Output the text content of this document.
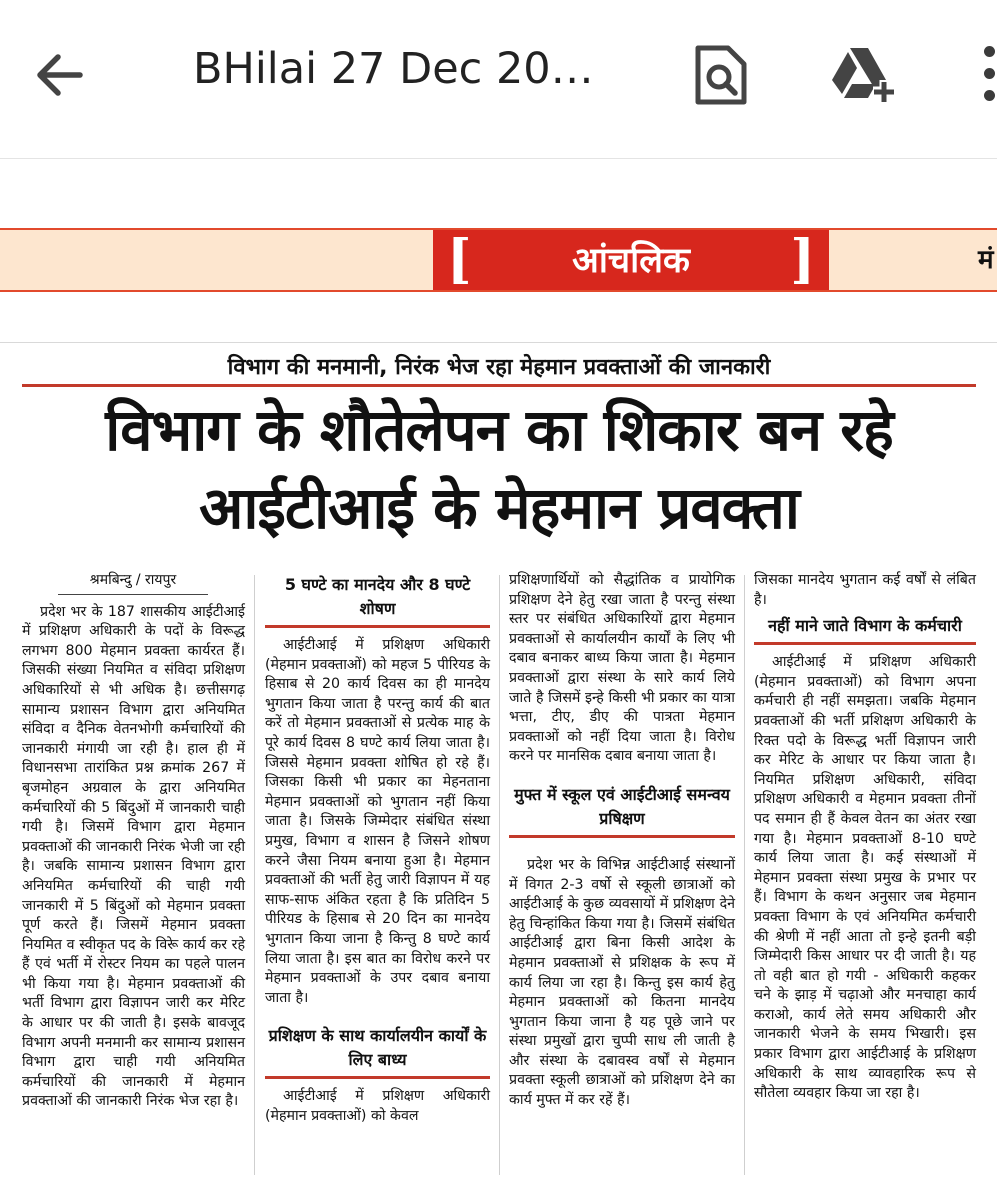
BHilai 27 Dec 20…
[	आंचलिक	]	मं
विभाग की मनमानी, निरंक भेज रहा मेहमान प्रवक्ताओं की जानकारी
विभाग के शौतेलेपन का शिकार बन रहे आईटीआई के मेहमान प्रवक्ता
श्रमबिन्दु / रायपुर

प्रदेश भर के 187 शासकीय आईटीआई में प्रशिक्षण अधिकारी के पदों के विरूद्ध लगभग 800 मेहमान प्रवक्ता कार्यरत हैं। जिसकी संख्या नियमित व संविदा प्रशिक्षण अधिकारियों से भी अधिक है। छत्तीसगढ़ सामान्य प्रशासन विभाग द्वारा अनियमित संविदा व दैनिक वेतनभोगी कर्मचारियों की जानकारी मंगायी जा रही है। हाल ही में विधानसभा तारांकित प्रश्न क्रमांक 267 में बृजमोहन अग्रवाल के द्वारा अनियमित कर्मचारियों की 5 बिंदुओं में जानकारी चाही गयी है। जिसमें विभाग द्वारा मेहमान प्रवक्ताओं की जानकारी निरंक भेजी जा रही है। जबकि सामान्य प्रशासन विभाग द्वारा अनियमित कर्मचारियों की चाही गयी जानकारी में 5 बिंदुओं को मेहमान प्रवक्ता पूर्ण करते हैं। जिसमें मेहमान प्रवक्ता नियमित व स्वीकृत पद के विरूे कार्य कर रहे हैं एवं भर्ती में रोस्टर नियम का पहले पालन भी किया गया है। मेहमान प्रवक्ताओं की भर्ती विभाग द्वारा विज्ञापन जारी कर मेरिट के आधार पर की जाती है। इसके बावजूद विभाग अपनी मनमानी कर सामान्य प्रशासन विभाग द्वारा चाही गयी अनियमित कर्मचारियों की जानकारी में मेहमान प्रवक्ताओं की जानकारी निरंक भेज रहा है।

5 घण्टे का मानदेय और 8 घण्टे शोषण

आईटीआई में प्रशिक्षण अधिकारी (मेहमान प्रवक्ताओं) को महज 5 पीरियड के हिसाब से 20 कार्य दिवस का ही मानदेय भुगतान किया जाता है परन्तु कार्य की बात करें तो मेहमान प्रवक्ताओं से प्रत्येक माह के पूरे कार्य दिवस 8 घण्टे कार्य लिया जाता है। जिससे मेहमान प्रवक्ता शोषित हो रहे हैं। जिसका किसी भी प्रकार का मेहनताना मेहमान प्रवक्ताओं को भुगतान नहीं किया जाता है। जिसके जिम्मेदार संबंधित संस्था प्रमुख, विभाग व शासन है जिसने शोषण करने जैसा नियम बनाया हुआ है। मेहमान प्रवक्ताओं की भर्ती हेतु जारी विज्ञापन में यह साफ-साफ अंकित रहता है कि प्रतिदिन 5 पीरियड के हिसाब से 20 दिन का मानदेय भुगतान किया जाना है किन्तु 8 घण्टे कार्य लिया जाता है। इस बात का विरोध करने पर मेहमान प्रवक्ताओं के उपर दबाव बनाया जाता है।

प्रशिक्षण के साथ कार्यालयीन कार्यों के लिए बाध्य

आईटीआई में प्रशिक्षण अधिकारी (मेहमान प्रवक्ताओं) को केवल

प्रशिक्षणार्थियों को सैद्धांतिक व प्रायोगिक प्रशिक्षण देने हेतु रखा जाता है परन्तु संस्था स्तर पर संबंधित अधिकारियों द्वारा मेहमान प्रवक्ताओं से कार्यालयीन कार्यों के लिए भी दबाव बनाकर बाध्य किया जाता है। मेहमान प्रवक्ताओं द्वारा संस्था के सारे कार्य लिये जाते है जिसमें इन्हे किसी भी प्रकार का यात्रा भत्ता, टीए, डीए की पात्रता मेहमान प्रवक्ताओं को नहीं दिया जाता है। विरोध करने पर मानसिक दबाव बनाया जाता है।

मुफ्त में स्कूल एवं आईटीआई समन्वय प्रषिक्षण

प्रदेश भर के विभिन्न आईटीआई संस्थानों में विगत 2-3 वर्षो से स्कूली छात्राओं को आईटीआई के कुछ व्यवसायों में प्रशिक्षण देने हेतु चिन्हांकित किया गया है। जिसमें संबंधित आईटीआई द्वारा बिना किसी आदेश के मेहमान प्रवक्ताओं से प्रशिक्षक के रूप में कार्य लिया जा रहा है। किन्तु इस कार्य हेतु मेहमान प्रवक्ताओं को कितना मानदेय भुगतान किया जाना है यह पूछे जाने पर संस्था प्रमुखों द्वारा चुप्पी साध ली जाती है और संस्था के दबावस्व वर्षों से मेहमान प्रवक्ता स्कूली छात्राओं को प्रशिक्षण देने का कार्य मुफ्त में कर रहें हैं।

जिसका मानदेय भुगतान कई वर्षों से लंबित है।

नहीं माने जाते विभाग के कर्मचारी

आईटीआई में प्रशिक्षण अधिकारी (मेहमान प्रवक्ताओं) को विभाग अपना कर्मचारी ही नहीं समझता। जबकि मेहमान प्रवक्ताओं की भर्ती प्रशिक्षण अधिकारी के रिक्त पदो के विरूद्ध भर्ती विज्ञापन जारी कर मेरिट के आधार पर किया जाता है। नियमित प्रशिक्षण अधिकारी, संविदा प्रशिक्षण अधिकारी व मेहमान प्रवक्ता तीनों पद समान ही हैं केवल वेतन का अंतर रखा गया है। मेहमान प्रवक्ताओं 8-10 घण्टे कार्य लिया जाता है। कई संस्थाओं में मेहमान प्रवक्ता संस्था प्रमुख के प्रभार पर हैं। विभाग के कथन अनुसार जब मेहमान प्रवक्ता विभाग के एवं अनियमित कर्मचारी की श्रेणी में नहीं आता तो इन्हे इतनी बड़ी जिम्मेदारी किस आधार पर दी जाती है। यह तो वही बात हो गयी - अधिकारी कहकर चने के झाड़ में चढ़ाओ और मनचाहा कार्य कराओ, कार्य लेते समय अधिकारी और जानकारी भेजने के समय भिखारी। इस प्रकार विभाग द्वारा आईटीआई के प्रशिक्षण अधिकारी के साथ व्यावहारिक रूप से सौतेला व्यवहार किया जा रहा है।
